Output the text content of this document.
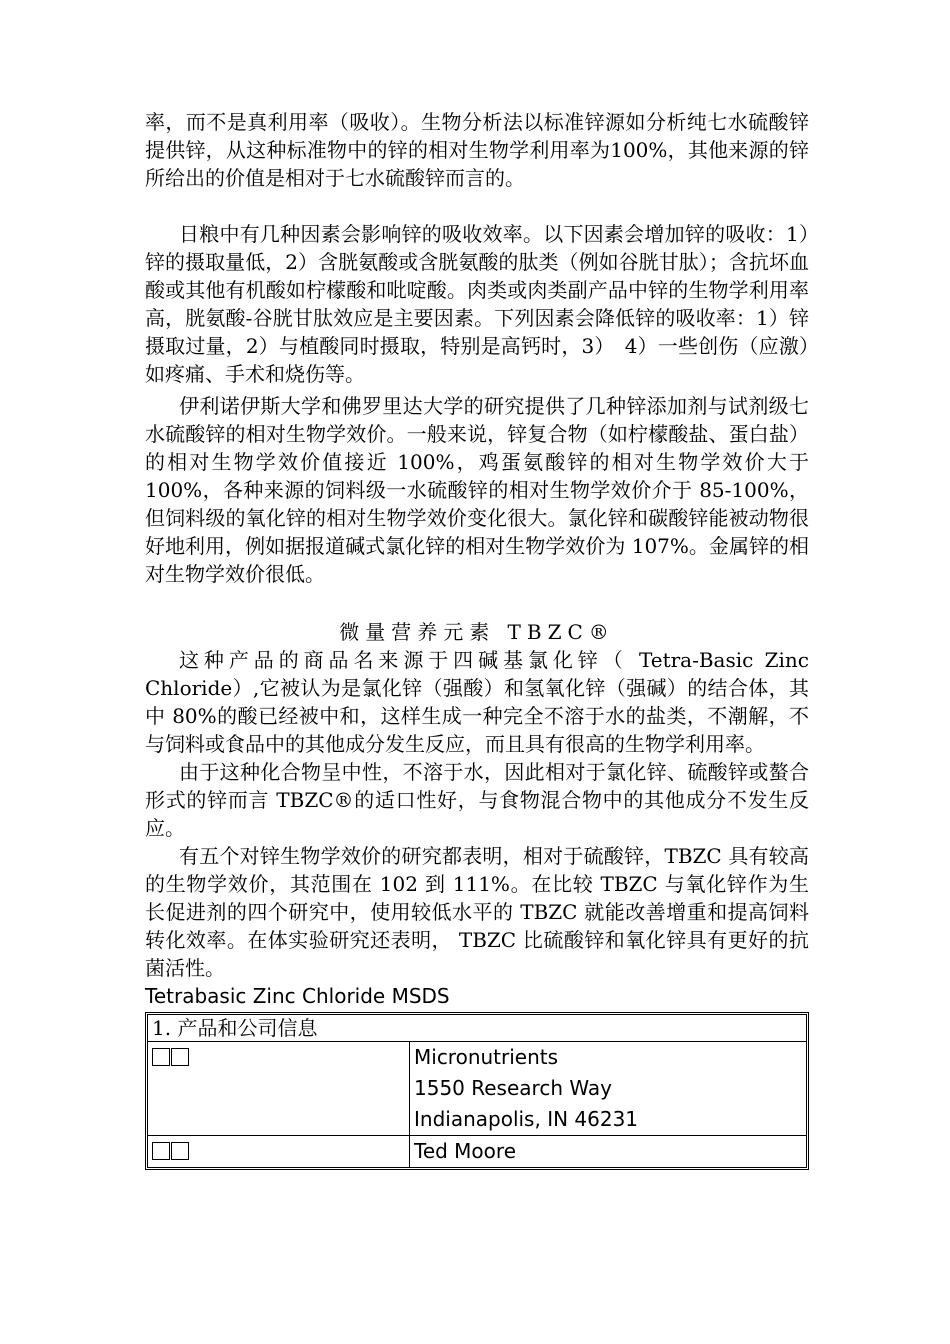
率，而不是真利用率（吸收）。生物分析法以标准锌源如分析纯七水硫酸锌提供锌，从这种标准物中的锌的相对生物学利用率为100%，其他来源的锌所给出的价值是相对于七水硫酸锌而言的。

日粮中有几种因素会影响锌的吸收效率。以下因素会增加锌的吸收：1）锌的摄取量低，2）含胱氨酸或含胱氨酸的肽类（例如谷胱甘肽）；含抗坏血酸或其他有机酸如柠檬酸和吡啶酸。肉类或肉类副产品中锌的生物学利用率高，胱氨酸-谷胱甘肽效应是主要因素。下列因素会降低锌的吸收率：1）锌摄取过量，2）与植酸同时摄取，特别是高钙时，3）　4）一些创伤（应激）如疼痛、手术和烧伤等。

伊利诺伊斯大学和佛罗里达大学的研究提供了几种锌添加剂与试剂级七水硫酸锌的相对生物学效价。一般来说，锌复合物（如柠檬酸盐、蛋白盐）的相对生物学效价值接近 100%，鸡蛋氨酸锌的相对生物学效价大于 100%，各种来源的饲料级一水硫酸锌的相对生物学效价介于 85-100%，但饲料级的氧化锌的相对生物学效价变化很大。氯化锌和碳酸锌能被动物很好地利用，例如据报道碱式氯化锌的相对生物学效价为 107%。金属锌的相对生物学效价很低。

微量营养元素 TBZC®

这种产品的商品名来源于四碱基氯化锌（ Tetra-Basic Zinc Chloride）,它被认为是氯化锌（强酸）和氢氧化锌（强碱）的结合体，其中 80%的酸已经被中和，这样生成一种完全不溶于水的盐类，不潮解，不与饲料或食品中的其他成分发生反应，而且具有很高的生物学利用率。

由于这种化合物呈中性，不溶于水，因此相对于氯化锌、硫酸锌或螯合形式的锌而言 TBZC®的适口性好，与食物混合物中的其他成分不发生反应。

有五个对锌生物学效价的研究都表明，相对于硫酸锌，TBZC 具有较高的生物学效价，其范围在 102 到 111%。在比较 TBZC 与氧化锌作为生长促进剂的四个研究中，使用较低水平的 TBZC 就能改善增重和提高饲料转化效率。在体实验研究还表明， TBZC 比硫酸锌和氧化锌具有更好的抗菌活性。

Tetrabasic Zinc Chloride MSDS

1. 产品和公司信息
Micronutrients
1550 Research Way
Indianapolis, IN 46231
Ted Moore
